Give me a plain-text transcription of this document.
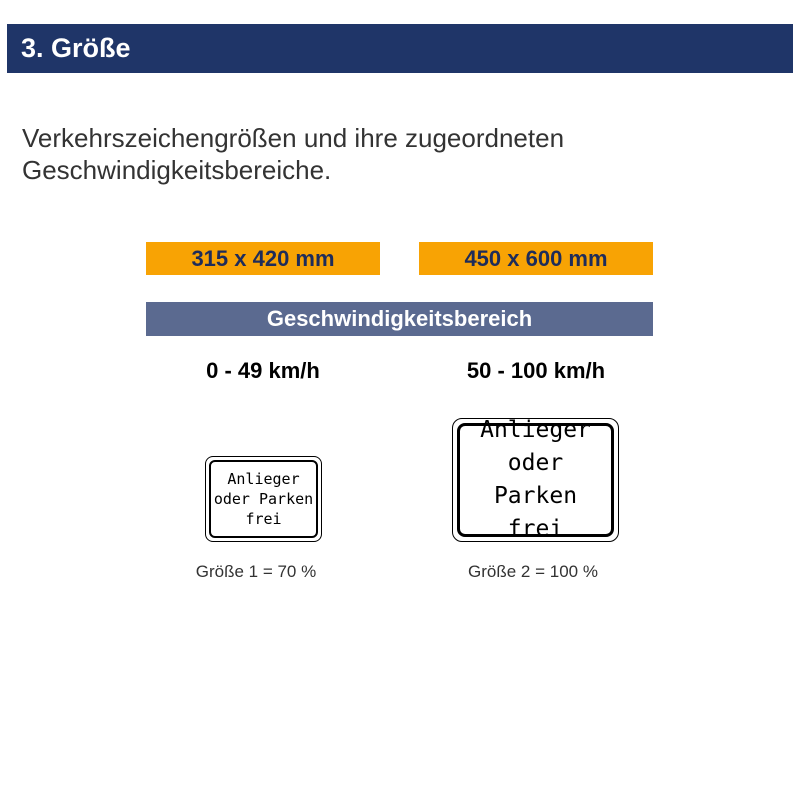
3. Größe
Verkehrszeichengrößen und ihre zugeordneten
Geschwindigkeitsbereiche.
315 x 420 mm	450 x 600 mm
Geschwindigkeitsbereich
0 - 49 km/h	50 - 100 km/h
Anlieger
oder Parken
frei
Anlieger
oder Parken
frei
Größe 1 = 70 %	Größe 2 = 100 %
